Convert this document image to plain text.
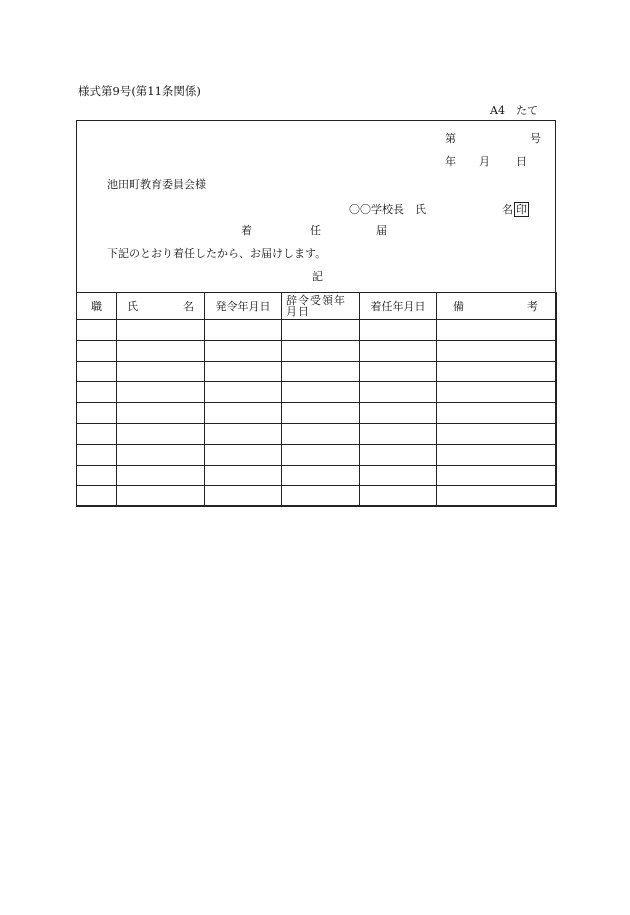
様式第9号(第11条関係)
A4　たて
第	号
年 月 日
池田町教育委員会様
〇〇学校長　氏	名 印
着	任	届
下記のとおり着任したから、お届けします。
記
職	氏 名	発令年月日	辞令受領年月日	着任年月日	備 考
